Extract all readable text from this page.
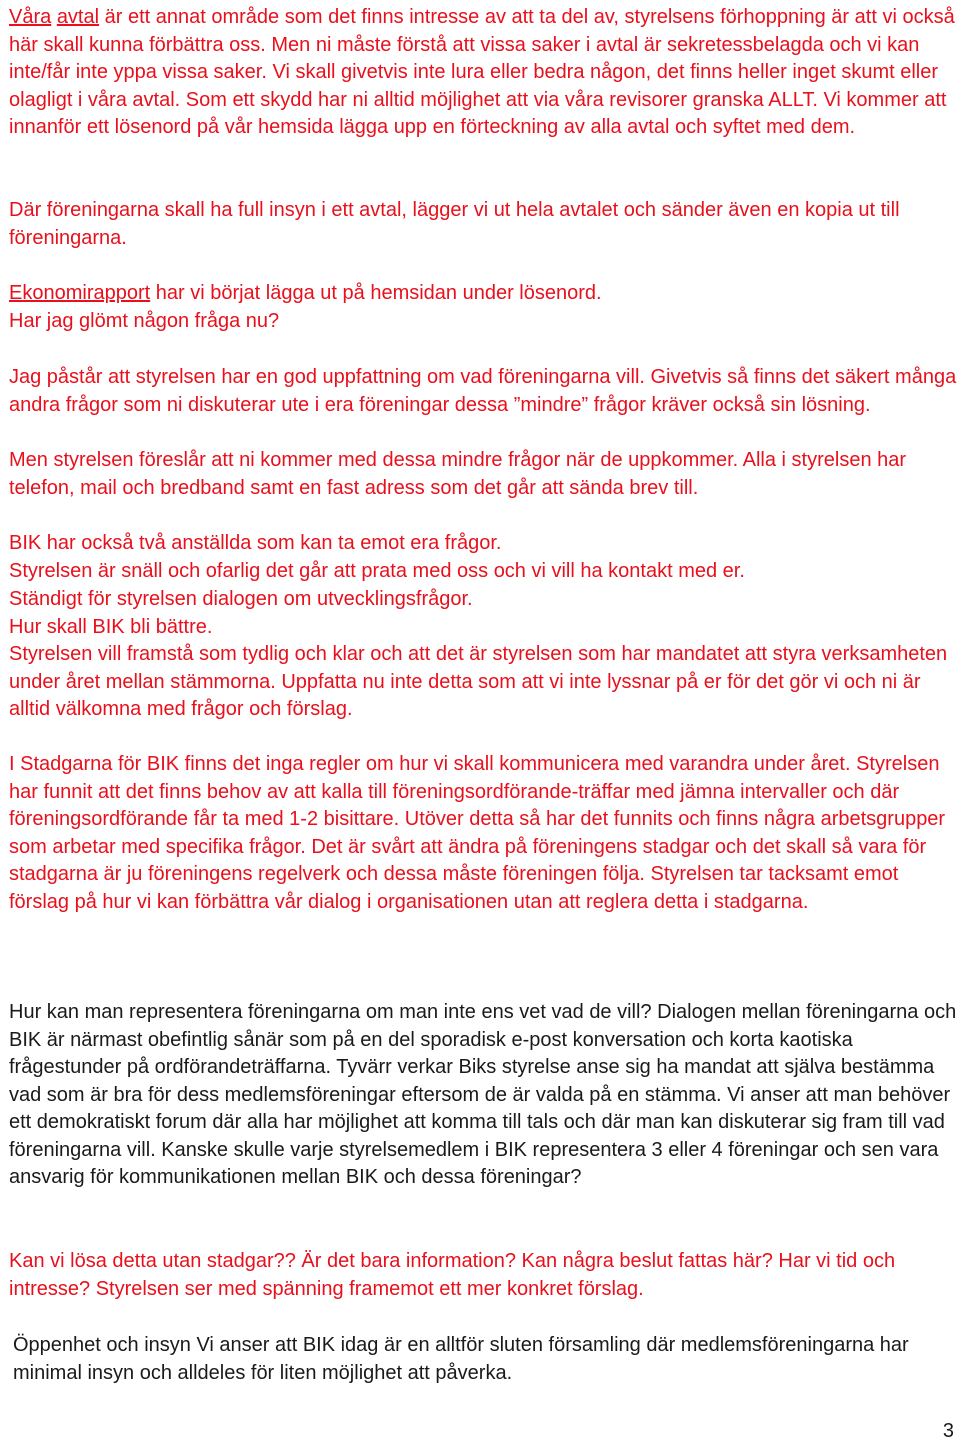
Våra avtal är ett annat område som det finns intresse av att ta del av, styrelsens förhoppning är att vi också här skall kunna förbättra oss. Men ni måste förstå att vissa saker i avtal är sekretessbelagda och vi kan inte/får inte yppa vissa saker. Vi skall givetvis inte lura eller bedra någon, det finns heller inget skumt eller olagligt i våra avtal. Som ett skydd har ni alltid möjlighet att via våra revisorer granska ALLT. Vi kommer att innanför ett lösenord på vår hemsida lägga upp en förteckning av alla avtal och syftet med dem.

Där föreningarna skall ha full insyn i ett avtal, lägger vi ut hela avtalet och sänder även en kopia ut till föreningarna.

Ekonomirapport har vi börjat lägga ut på hemsidan under lösenord.

Har jag glömt någon fråga nu?

Jag påstår att styrelsen har en god uppfattning om vad föreningarna vill. Givetvis så finns det säkert många andra frågor som ni diskuterar ute i era föreningar dessa ”mindre” frågor kräver också sin lösning.

Men styrelsen föreslår att ni kommer med dessa mindre frågor när de uppkommer. Alla i styrelsen har telefon, mail och bredband samt en fast adress som det går att sända brev till.

BIK har också två anställda som kan ta emot era frågor.

Styrelsen är snäll och ofarlig det går att prata med oss och vi vill ha kontakt med er.

Ständigt för styrelsen dialogen om utvecklingsfrågor.

Hur skall BIK bli bättre.

Styrelsen vill framstå som tydlig och klar och att det är styrelsen som har mandatet att styra verksamheten under året mellan stämmorna. Uppfatta nu inte detta som att vi inte lyssnar på er för det gör vi och ni är alltid välkomna med frågor och förslag.

I Stadgarna för BIK finns det inga regler om hur vi skall kommunicera med varandra under året. Styrelsen har funnit att det finns behov av att kalla till föreningsordförande-träffar med jämna intervaller och där föreningsordförande får ta med 1-2 bisittare. Utöver detta så har det funnits och finns några arbetsgrupper som arbetar med specifika frågor. Det är svårt att ändra på föreningens stadgar och det skall så vara för stadgarna är ju föreningens regelverk och dessa måste föreningen följa. Styrelsen tar tacksamt emot förslag på hur vi kan förbättra vår dialog i organisationen utan att reglera detta i stadgarna.

Hur kan man representera föreningarna om man inte ens vet vad de vill? Dialogen mellan föreningarna och BIK är närmast obefintlig sånär som på en del sporadisk e-post konversation och korta kaotiska frågestunder på ordförandeträffarna. Tyvärr verkar Biks styrelse anse sig ha mandat att själva bestämma vad som är bra för dess medlemsföreningar eftersom de är valda på en stämma. Vi anser att man behöver ett demokratiskt forum där alla har möjlighet att komma till tals och där man kan diskuterar sig fram till vad föreningarna vill. Kanske skulle varje styrelsemedlem i BIK representera 3 eller 4 föreningar och sen vara ansvarig för kommunikationen mellan BIK och dessa föreningar?

Kan vi lösa detta utan stadgar?? Är det bara information? Kan några beslut fattas här? Har vi tid och intresse? Styrelsen ser med spänning framemot ett mer konkret förslag.

Öppenhet och insyn Vi anser att BIK idag är en alltför sluten församling där medlemsföreningarna har minimal insyn och alldeles för liten möjlighet att påverka.

3
